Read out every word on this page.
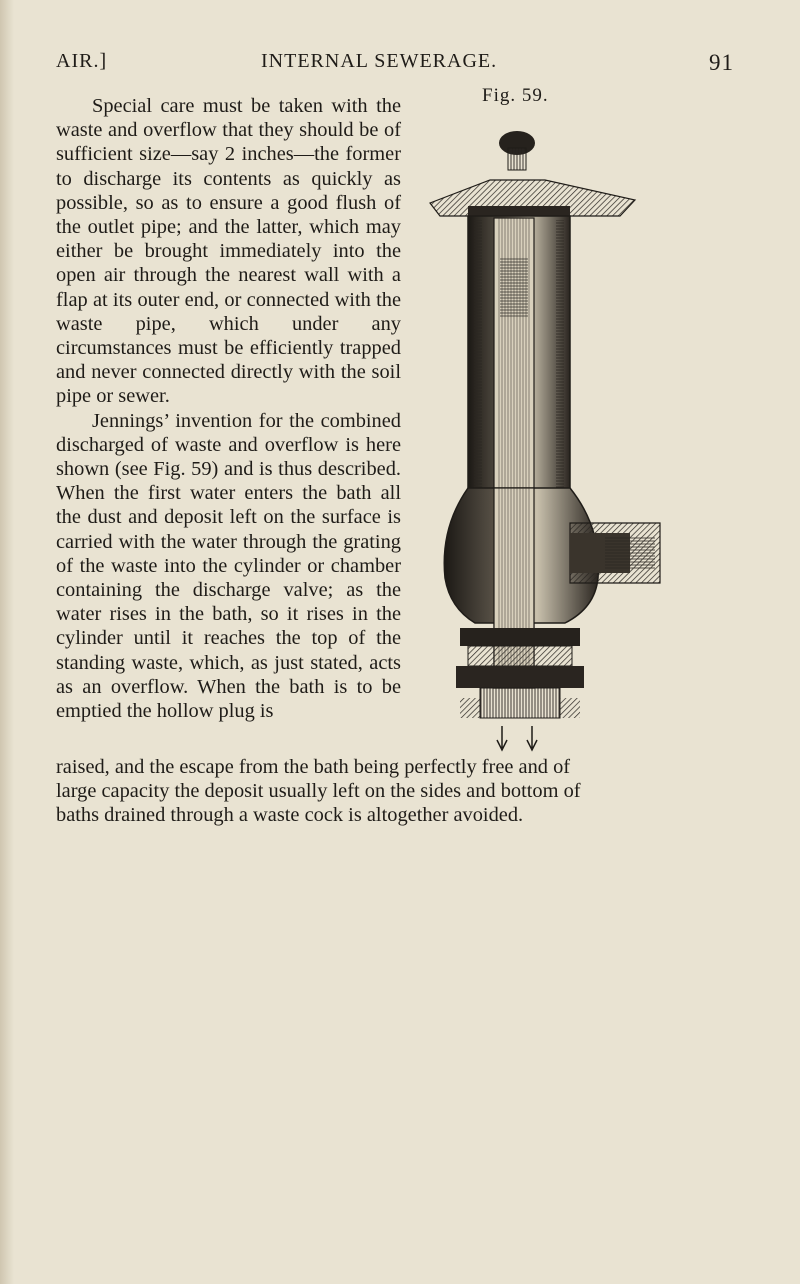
AIR.]	INTERNAL SEWERAGE.	91
Fig. 59.

Special care must be taken with the waste and overflow that they should be of sufficient size—say 2 inches—the former to discharge its contents as quickly as possible, so as to ensure a good flush of the outlet pipe; and the latter, which may either be brought immediately into the open air through the nearest wall with a flap at its outer end, or connected with the waste pipe, which under any circumstances must be efficiently trapped and never connected directly with the soil pipe or sewer.

Jennings’ invention for the combined discharged of waste and overflow is here shown (see Fig. 59) and is thus described. When the first water enters the bath all the dust and deposit left on the surface is carried with the water through the grating of the waste into the cylinder or chamber containing the discharge valve; as the water rises in the bath, so it rises in the cylinder until it reaches the top of the standing waste, which, as just stated, acts as an overflow. When the bath is to be emptied the hollow plug is

raised, and the escape from the bath being perfectly free and of
large capacity the deposit usually left on the sides and bottom of
baths drained through a waste cock is altogether avoided.
